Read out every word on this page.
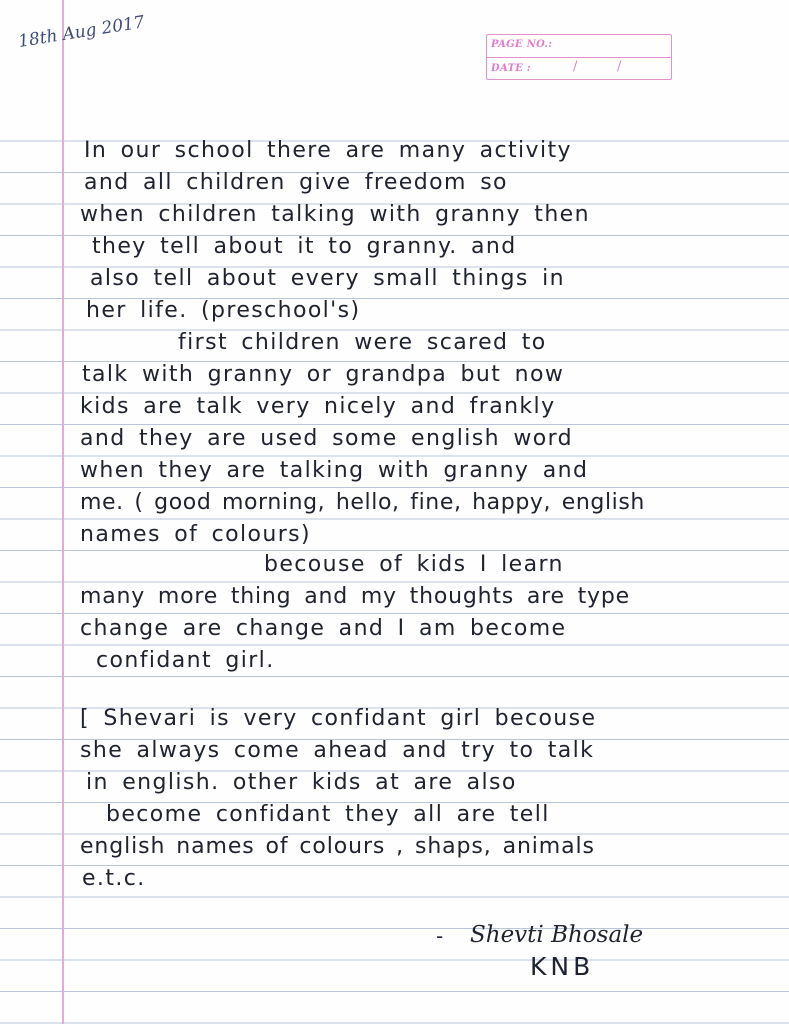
18th Aug 2017	PAGE NO.:
DATE :	/	/
In our school there are many activity
and all children give freedom so
when children talking with granny then
they tell about it to granny. and
also tell about every small things in
her life. (preschool's)
first children were scared to
talk with granny or grandpa but now
kids are talk very nicely and frankly
and they are used some english word
when they are talking with granny and
me. ( good morning, hello, fine, happy, english
names of colours)
becouse of kids I learn
many more thing and my thoughts are type
change are change and I am become
confidant girl.
[ Shevari is very confidant girl becouse
she always come ahead and try to talk
in english. other kids at are also
become confidant they all are tell
english names of colours , shaps, animals
e.t.c.
- Shevti Bhosale
KNB
